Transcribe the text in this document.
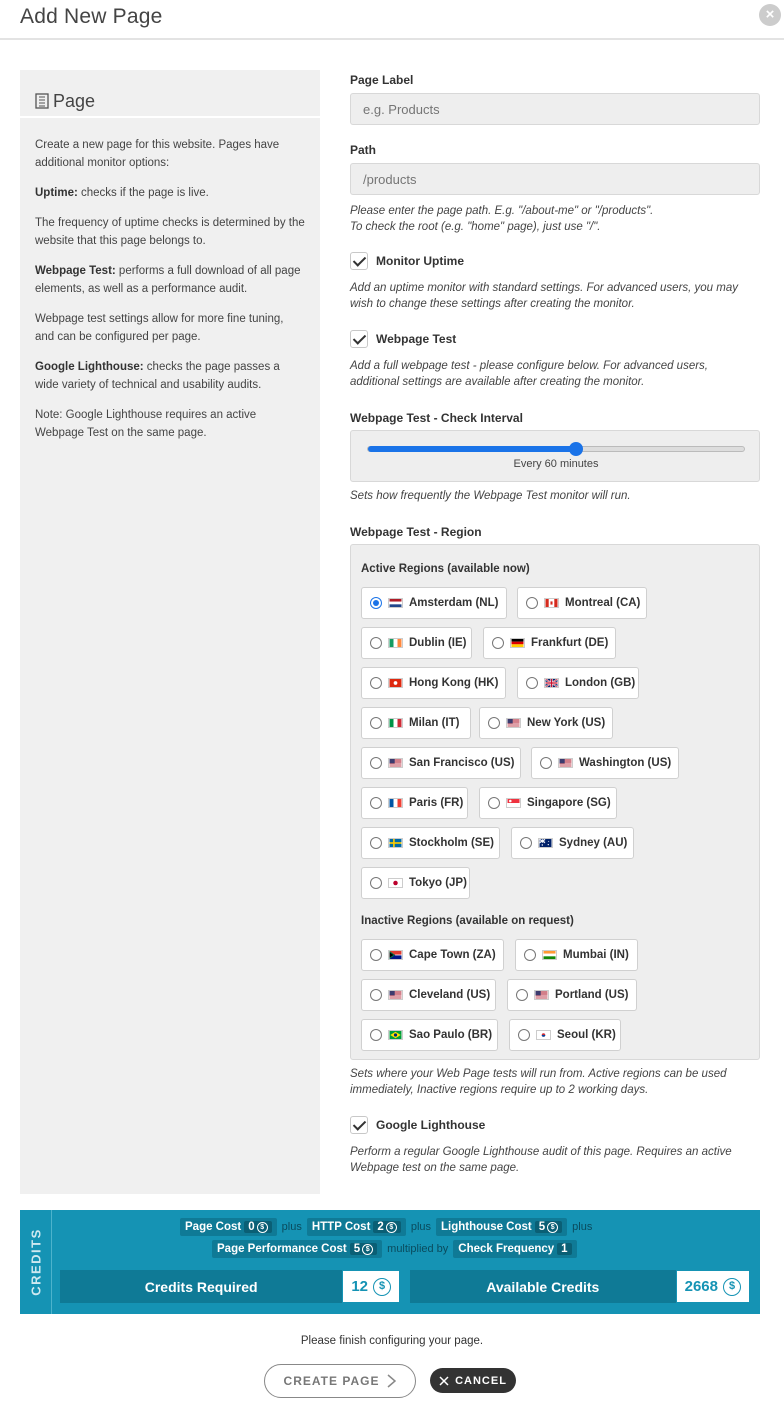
Add New Page	×
Page

Create a new page for this website. Pages have additional monitor options:

Uptime: checks if the page is live.

The frequency of uptime checks is determined by the website that this page belongs to.

Webpage Test: performs a full download of all page elements, as well as a performance audit.

Webpage test settings allow for more fine tuning, and can be configured per page.

Google Lighthouse: checks the page passes a wide variety of technical and usability audits.

Note: Google Lighthouse requires an active Webpage Test on the same page.

Page Label
e.g. Products
Path
/products
Please enter the page path. E.g. "/about-me" or "/products".
To check the root (e.g. "home" page), just use "/".
Monitor Uptime
Add an uptime monitor with standard settings. For advanced users, you may wish to change these settings after creating the monitor.
Webpage Test
Add a full webpage test - please configure below. For advanced users, additional settings are available after creating the monitor.
Webpage Test - Check Interval
Every 60 minutes
Sets how frequently the Webpage Test monitor will run.
Webpage Test - Region
Active Regions (available now)
Inactive Regions (available on request)
Amsterdam (NL)	Montreal (CA)
Dublin (IE)	Frankfurt (DE)
Hong Kong (HK)	London (GB)
Milan (IT)	New York (US)
San Francisco (US)	Washington (US)
Paris (FR)	Singapore (SG)
Stockholm (SE)	Sydney (AU)
Tokyo (JP)
Cape Town (ZA)	Mumbai (IN)
Cleveland (US)	Portland (US)
Sao Paulo (BR)	Seoul (KR)
Sets where your Web Page tests will run from. Active regions can be used immediately, Inactive regions require up to 2 working days.
Google Lighthouse
Perform a regular Google Lighthouse audit of this page. Requires an active Webpage test on the same page.
CREDITS
Page Cost 0 $	plus HTTP Cost 2 $	plus Lighthouse Cost 5 $	plus
Page Performance Cost 5 $	multiplied by Check Frequency 1
Credits Required	12 $	Available Credits	2668 $
Please finish configuring your page.
CREATE PAGE	CANCEL
